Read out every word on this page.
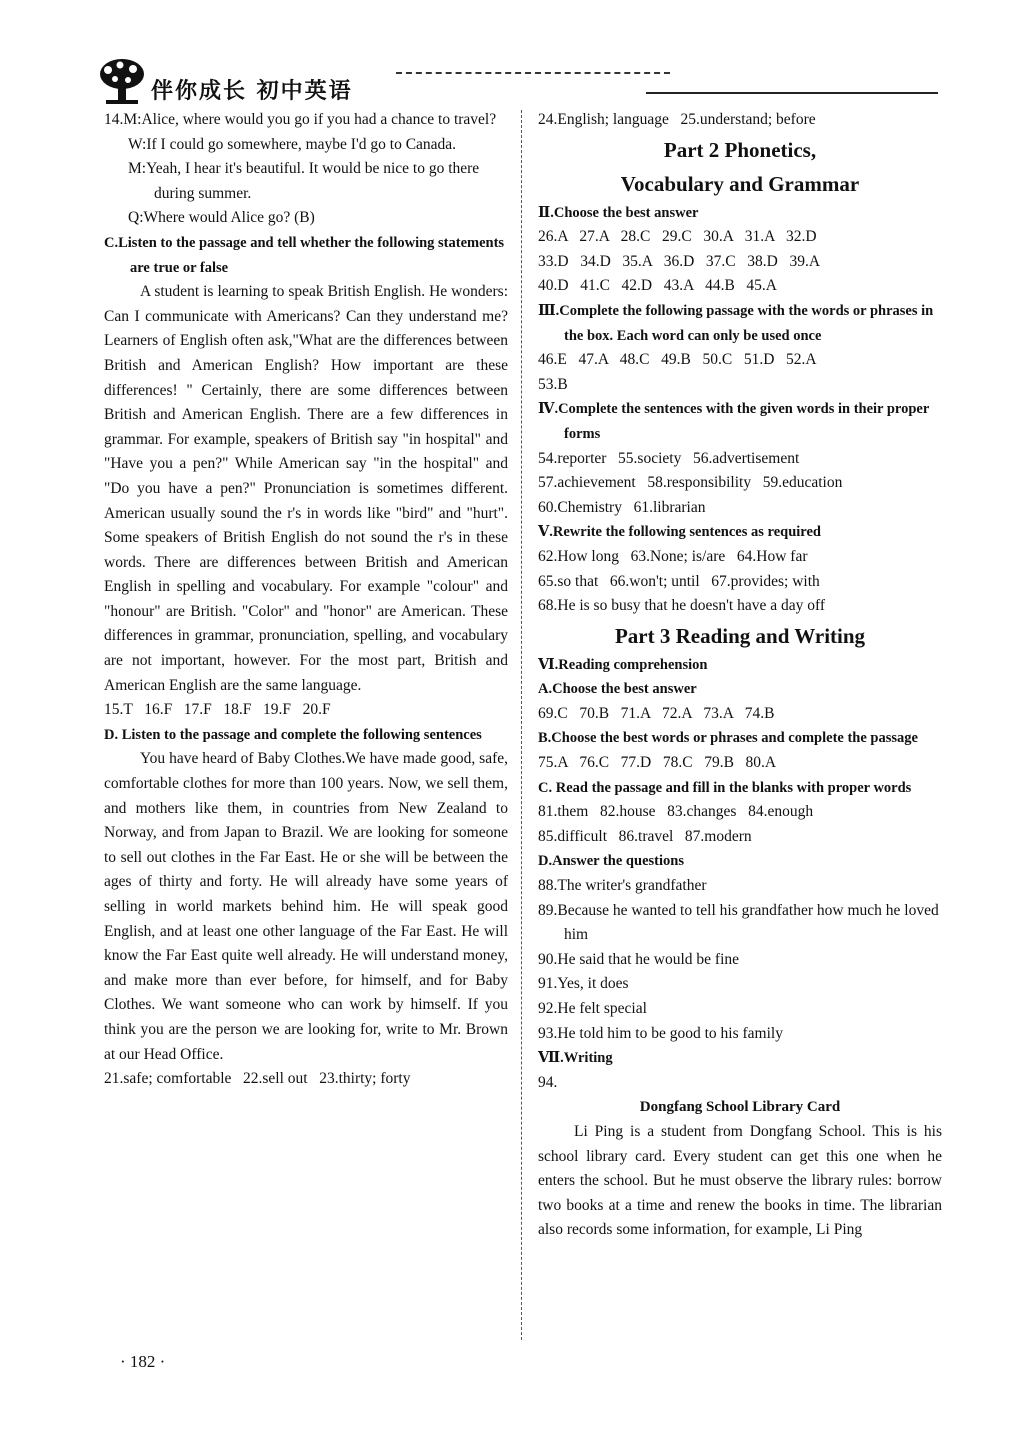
伴你成长 初中英语

14.M:Alice, where would you go if you had a chance to travel?

W:If I could go somewhere, maybe I'd go to Canada.

M:Yeah, I hear it's beautiful. It would be nice to go there during summer.

Q:Where would Alice go? (B)

C.Listen to the passage and tell whether the following statements are true or false

A student is learning to speak British English. He wonders: Can I communicate with Americans? Can they understand me? Learners of English often ask,"What are the differences between British and American English? How important are these differences! " Certainly, there are some differences between British and American English. There are a few differences in grammar. For example, speakers of British say "in hospital" and "Have you a pen?" While American say "in the hospital" and "Do you have a pen?" Pronunciation is sometimes different. American usually sound the r's in words like "bird" and "hurt". Some speakers of British English do not sound the r's in these words. There are differences between British and American English in spelling and vocabulary. For example "colour" and "honour" are British. "Color" and "honor" are American. These differences in grammar, pronunciation, spelling, and vocabulary are not important, however. For the most part, British and American English are the same language.

15.T   16.F   17.F   18.F   19.F   20.F

D. Listen to the passage and complete the following sentences

You have heard of Baby Clothes.We have made good, safe, comfortable clothes for more than 100 years. Now, we sell them, and mothers like them, in countries from New Zealand to Norway, and from Japan to Brazil. We are looking for someone to sell out clothes in the Far East. He or she will be between the ages of thirty and forty. He will already have some years of selling in world markets behind him. He will speak good English, and at least one other language of the Far East. He will know the Far East quite well already. He will understand money, and make more than ever before, for himself, and for Baby Clothes. We want someone who can work by himself. If you think you are the person we are looking for, write to Mr. Brown at our Head Office.

21.safe; comfortable   22.sell out   23.thirty; forty

24.English; language   25.understand; before

Part 2 Phonetics,

Vocabulary and Grammar

Ⅱ.Choose the best answer

26.A   27.A   28.C   29.C   30.A   31.A   32.D

33.D   34.D   35.A   36.D   37.C   38.D   39.A

40.D   41.C   42.D   43.A   44.B   45.A

Ⅲ.Complete the following passage with the words or phrases in the box. Each word can only be used once

46.E   47.A   48.C   49.B   50.C   51.D   52.A

53.B

Ⅳ.Complete the sentences with the given words in their proper forms

54.reporter   55.society   56.advertisement

57.achievement   58.responsibility   59.education

60.Chemistry   61.librarian

Ⅴ.Rewrite the following sentences as required

62.How long   63.None; is/are   64.How far

65.so that   66.won't; until   67.provides; with

68.He is so busy that he doesn't have a day off

Part 3 Reading and Writing

Ⅵ.Reading comprehension

A.Choose the best answer

69.C   70.B   71.A   72.A   73.A   74.B

B.Choose the best words or phrases and complete the passage

75.A   76.C   77.D   78.C   79.B   80.A

C. Read the passage and fill in the blanks with proper words

81.them   82.house   83.changes   84.enough

85.difficult   86.travel   87.modern

D.Answer the questions

88.The writer's grandfather

89.Because he wanted to tell his grandfather how much he loved him

90.He said that he would be fine

91.Yes, it does

92.He felt special

93.He told him to be good to his family

Ⅶ.Writing

94.

Dongfang School Library Card

Li Ping is a student from Dongfang School. This is his school library card. Every student can get this one when he enters the school. But he must observe the library rules: borrow two books at a time and renew the books in time. The librarian also records some information, for example, Li Ping

· 182 ·
